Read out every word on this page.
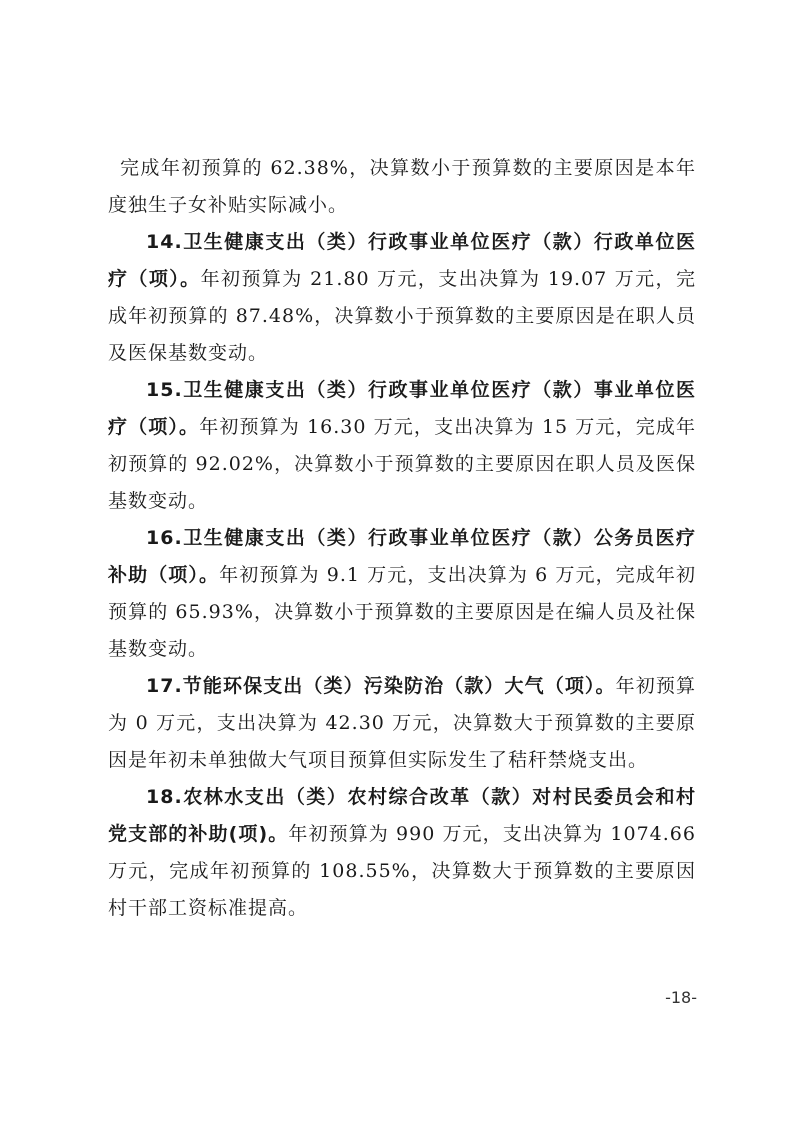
完成年初预算的 62.38%，决算数小于预算数的主要原因是本年度独生子女补贴实际减小。

14.卫生健康支出（类）行政事业单位医疗（款）行政单位医疗（项）。年初预算为 21.80 万元，支出决算为 19.07 万元，完成年初预算的 87.48%，决算数小于预算数的主要原因是在职人员及医保基数变动。

15.卫生健康支出（类）行政事业单位医疗（款）事业单位医疗（项）。年初预算为 16.30 万元，支出决算为 15 万元，完成年初预算的 92.02%，决算数小于预算数的主要原因在职人员及医保基数变动。

16.卫生健康支出（类）行政事业单位医疗（款）公务员医疗补助（项）。年初预算为 9.1 万元，支出决算为 6 万元，完成年初预算的 65.93%，决算数小于预算数的主要原因是在编人员及社保基数变动。

17.节能环保支出（类）污染防治（款）大气（项）。年初预算为 0 万元，支出决算为 42.30 万元，决算数大于预算数的主要原因是年初未单独做大气项目预算但实际发生了秸秆禁烧支出。

18.农林水支出（类）农村综合改革（款）对村民委员会和村党支部的补助(项)。年初预算为 990 万元，支出决算为 1074.66 万元，完成年初预算的 108.55%，决算数大于预算数的主要原因村干部工资标准提高。

-18-
